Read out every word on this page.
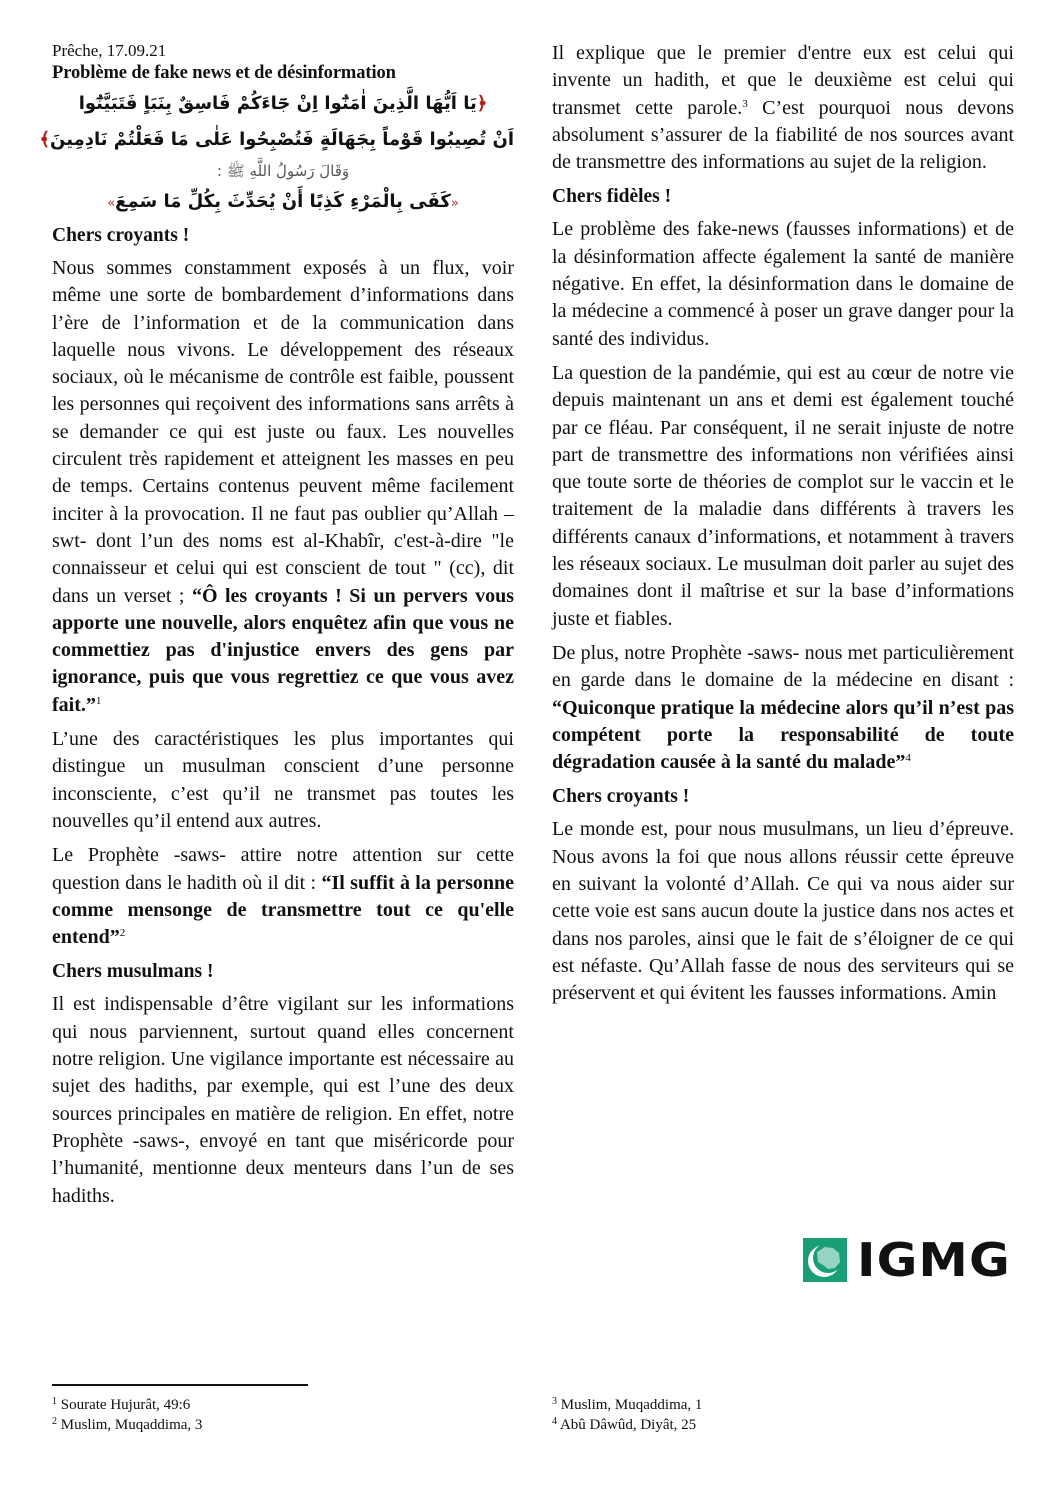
Prêche, 17.09.21
Problème de fake news et de désinformation
﴿يَا اَيُّهَا الَّذِينَ اٰمَنُٓوا اِنْ جَٓاءَكُمْ فَاسِقٌ بِنَبَاٍ فَتَبَيَّنُٓوا
اَنْ تُصِيبُوا قَوْماً بِجَهَالَةٍ فَتُصْبِحُوا عَلٰى مَا فَعَلْتُمْ نَادِمِينَ﴾
وَقَالَ رَسُولُ اللَّهِ ﷺ :
«كَفَى بِالْمَرْءِ كَذِبًا أَنْ يُحَدِّثَ بِكُلِّ مَا سَمِعَ»
Chers croyants !

Nous sommes constamment exposés à un flux, voir même une sorte de bombardement d’informations dans l’ère de l’information et de la communication dans laquelle nous vivons. Le développement des réseaux sociaux, où le mécanisme de contrôle est faible, poussent les personnes qui reçoivent des informations sans arrêts à se demander ce qui est juste ou faux. Les nouvelles circulent très rapidement et atteignent les masses en peu de temps. Certains contenus peuvent même facilement inciter à la provocation. Il ne faut pas oublier qu’Allah –swt- dont l’un des noms est al-Khabîr, c'est-à-dire "le connaisseur et celui qui est conscient de tout " (cc), dit dans un verset ; “Ô les croyants ! Si un pervers vous apporte une nouvelle, alors enquêtez afin que vous ne commettiez pas d'injustice envers des gens par ignorance, puis que vous regrettiez ce que vous avez fait.”$^1$

L’une des caractéristiques les plus importantes qui distingue un musulman conscient d’une personne inconsciente, c’est qu’il ne transmet pas toutes les nouvelles qu’il entend aux autres.

Le Prophète -saws- attire notre attention sur cette question dans le hadith où il dit : “Il suffit à la personne comme mensonge de transmettre tout ce qu'elle entend”$^2$

Chers musulmans !

Il est indispensable d’être vigilant sur les informations qui nous parviennent, surtout quand elles concernent notre religion. Une vigilance importante est nécessaire au sujet des hadiths, par exemple, qui est l’une des deux sources principales en matière de religion. En effet, notre Prophète -saws-, envoyé en tant que miséricorde pour l’humanité, mentionne deux menteurs dans l’un de ses hadiths.

Il explique que le premier d'entre eux est celui qui invente un hadith, et que le deuxième est celui qui transmet cette parole.$^3$ C’est pourquoi nous devons absolument s’assurer de la fiabilité de nos sources avant de transmettre des informations au sujet de la religion.

Chers fidèles !

Le problème des fake-news (fausses informations) et de la désinformation affecte également la santé de manière négative. En effet, la désinformation dans le domaine de la médecine a commencé à poser un grave danger pour la santé des individus.

La question de la pandémie, qui est au cœur de notre vie depuis maintenant un ans et demi est également touché par ce fléau. Par conséquent, il ne serait injuste de notre part de transmettre des informations non vérifiées ainsi que toute sorte de théories de complot sur le vaccin et le traitement de la maladie dans différents à travers les différents canaux d’informations, et notamment à travers les réseaux sociaux. Le musulman doit parler au sujet des domaines dont il maîtrise et sur la base d’informations juste et fiables.

De plus, notre Prophète -saws- nous met particulièrement en garde dans le domaine de la médecine en disant : “Quiconque pratique la médecine alors qu’il n’est pas compétent porte la responsabilité de toute dégradation causée à la santé du malade”$^4$

Chers croyants !

Le monde est, pour nous musulmans, un lieu d’épreuve. Nous avons la foi que nous allons réussir cette épreuve en suivant la volonté d’Allah. Ce qui va nous aider sur cette voie est sans aucun doute la justice dans nos actes et dans nos paroles, ainsi que le fait de s’éloigner de ce qui est néfaste. Qu’Allah fasse de nous des serviteurs qui se préservent et qui évitent les fausses informations. Amin

IGMG
$^1$ Sourate Hujurât, 49:6
$^2$ Muslim, Muqaddima, 3
$^3$ Muslim, Muqaddima, 1
$^4$ Abû Dâwûd, Diyât, 25
